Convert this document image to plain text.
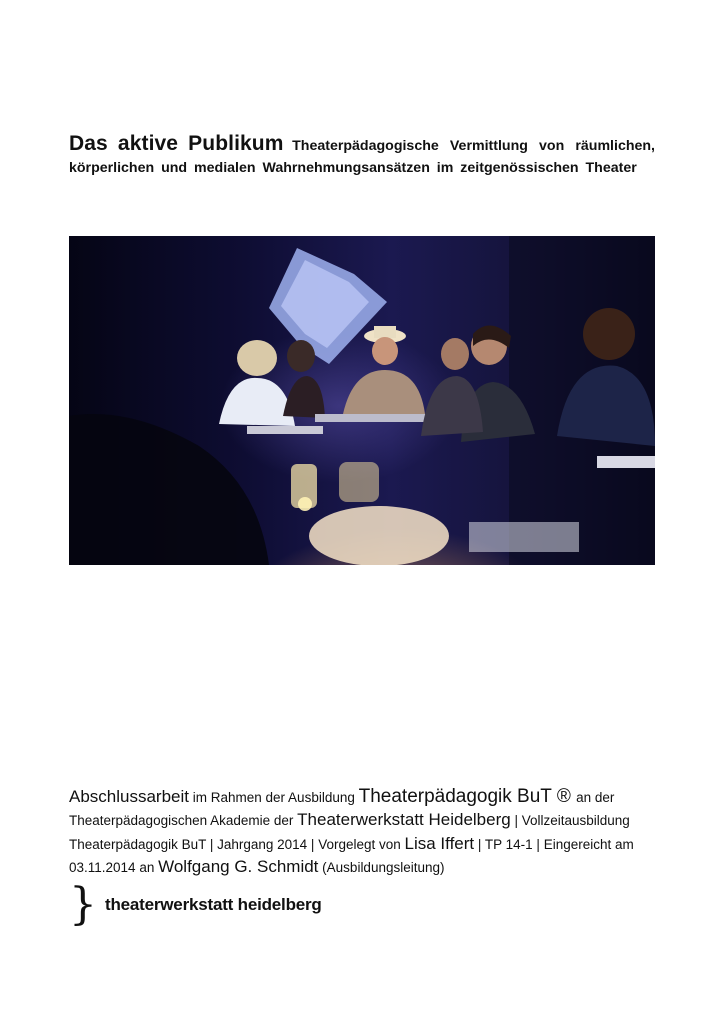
Das aktive Publikum Theaterpädagogische Vermittlung von räumlichen, körperlichen und medialen Wahrnehmungsansätzen im zeitgenössischen Theater
Abschlussarbeit im Rahmen der Ausbildung Theaterpädagogik BuT ® an der Theaterpädagogischen Akademie der Theaterwerkstatt Heidelberg | Vollzeitausbildung Theaterpädagogik BuT | Jahrgang 2014 | Vorgelegt von Lisa Iffert | TP 14-1 | Eingereicht am 03.11.2014 an Wolfgang G. Schmidt (Ausbildungsleitung)
} theaterwerkstatt heidelberg
